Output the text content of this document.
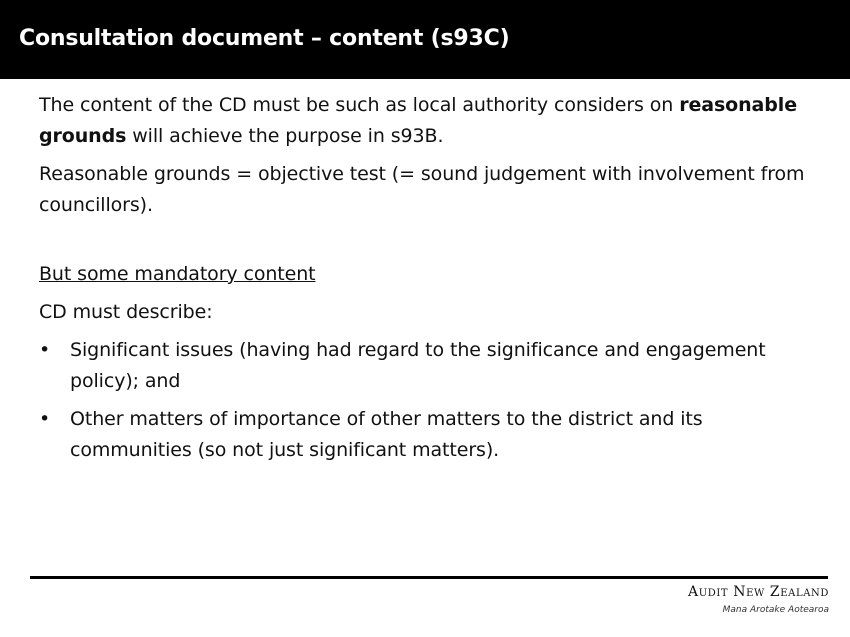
Consultation document – content (s93C)

The content of the CD must be such as local authority considers on reasonable grounds will achieve the purpose in s93B.

Reasonable grounds = objective test (= sound judgement with involvement from councillors).

But some mandatory content

CD must describe:

• Significant issues (having had regard to the significance and engagement policy); and
• Other matters of importance of other matters to the district and its communities (so not just significant matters).
Audit New Zealand
Mana Arotake Aotearoa
